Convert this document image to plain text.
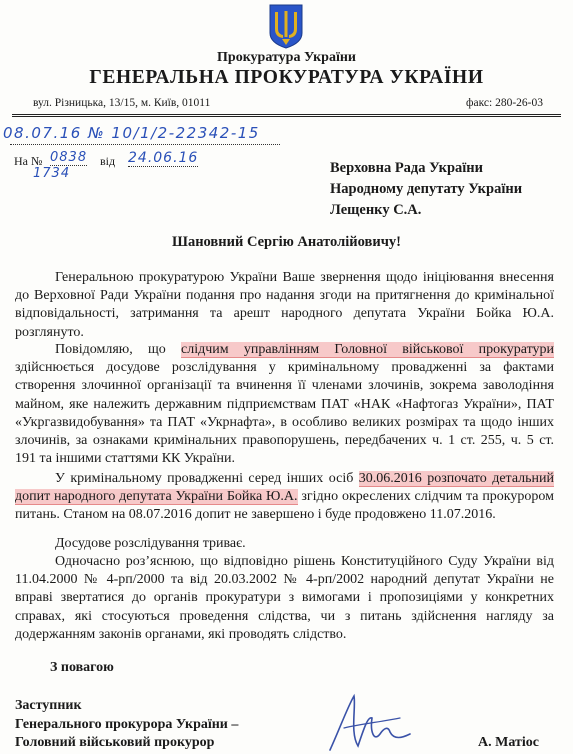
Прокуратура України
ГЕНЕРАЛЬНА ПРОКУРАТУРА УКРАЇНИ
вул. Різницька, 13/15, м. Київ, 01011	факс: 280-26-03
08.07.16 № 10/1/2-22342-15
На № 0838 від 24.06.16
1734	Верховна Рада України
Народному депутату України
Лещенку С.А.
Шановний Сергію Анатолійовичу!
Генеральною прокуратурою України Ваше звернення щодо ініціювання внесення до Верховної Ради України подання про надання згоди на притягнення до кримінальної відповідальності, затримання та арешт народного депутата України Бойка Ю.А. розглянуто.
Повідомляю, що слідчим управлінням Головної військової прокуратури здійснюється досудове розслідування у кримінальному провадженні за фактами створення злочинної організації та вчинення її членами злочинів, зокрема заволодіння майном, яке належить державним підприємствам ПАТ «НАК «Нафтогаз України», ПАТ «Укргазвидобування» та ПАТ «Укрнафта», в особливо великих розмірах та щодо інших злочинів, за ознаками кримінальних правопорушень, передбачених ч. 1 ст. 255, ч. 5 ст. 191 та іншими статтями КК України.
У кримінальному провадженні серед інших осіб 30.06.2016 розпочато детальний допит народного депутата України Бойка Ю.А. згідно окреслених слідчим та прокурором питань. Станом на 08.07.2016 допит не завершено і буде продовжено 11.07.2016.
Досудове розслідування триває.
Одночасно роз’яснюю, що відповідно рішень Конституційного Суду України від 11.04.2000 № 4-рп/2000 та від 20.03.2002 № 4-рп/2002 народний депутат України не вправі звертатися до органів прокуратури з вимогами і пропозиціями у конкретних справах, які стосуються проведення слідства, чи з питань здійснення нагляду за додержанням законів органами, які проводять слідство.
З повагою
Заступник
Генерального прокурора України –
Головний військовий прокурор	А. Матіос
